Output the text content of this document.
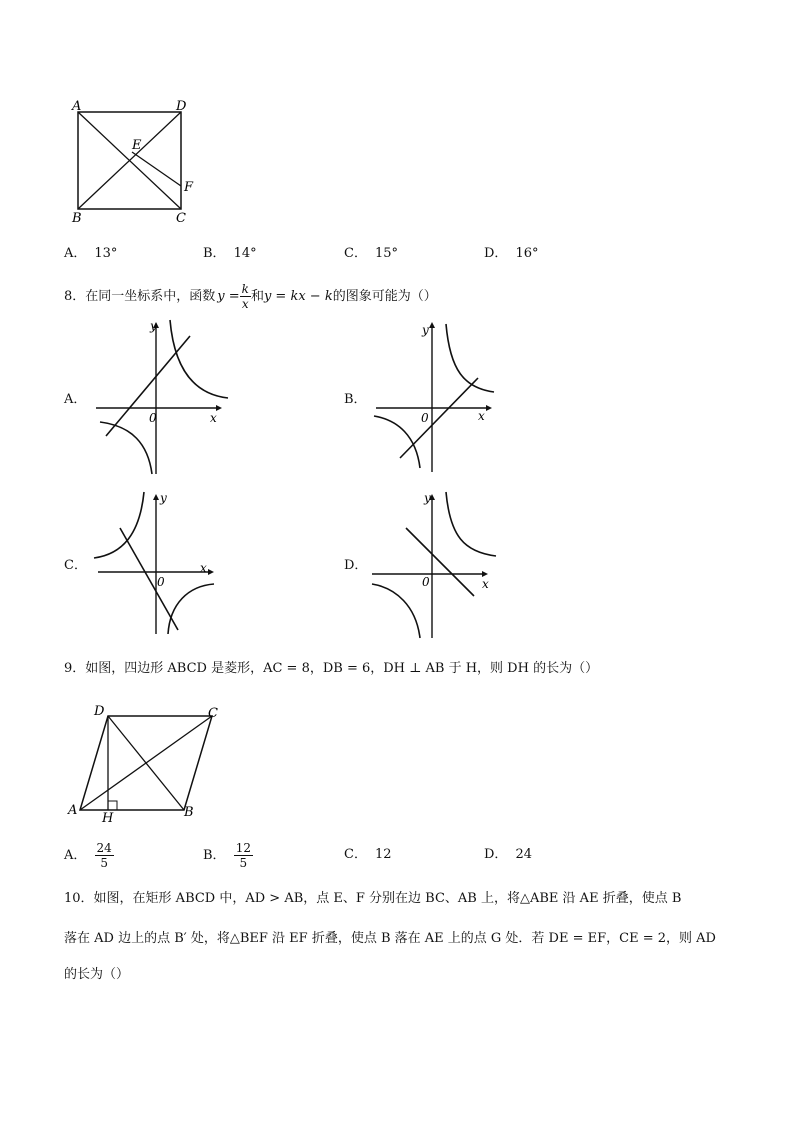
A	D
E
F
B	C
A． 13°	B． 14°	C． 15°	D． 16°
8．在同一坐标系中，函数 $y = \frac{k}{x}$ 和y = kx − k的图象可能为（）
A．	B．
C．	D．
y
x
0
y
x
0
y
x
0
y
x
0
9．如图，四边形 ABCD 是菱形，AC = 8，DB = 6，DH ⊥ AB 于 H，则 DH 的长为（）
D	C
A
H	B
A． $\frac{24}{5}$	B． $\frac{12}{5}$	C． 12	D． 24
10．如图，在矩形 ABCD 中，AD > AB，点 E、F 分别在边 BC、AB 上，将△ABE 沿 AE 折叠，使点 B
落在 AD 边上的点 B′ 处，将△BEF 沿 EF 折叠，使点 B 落在 AE 上的点 G 处．若 DE = EF，CE = 2，则 AD
的长为（）
